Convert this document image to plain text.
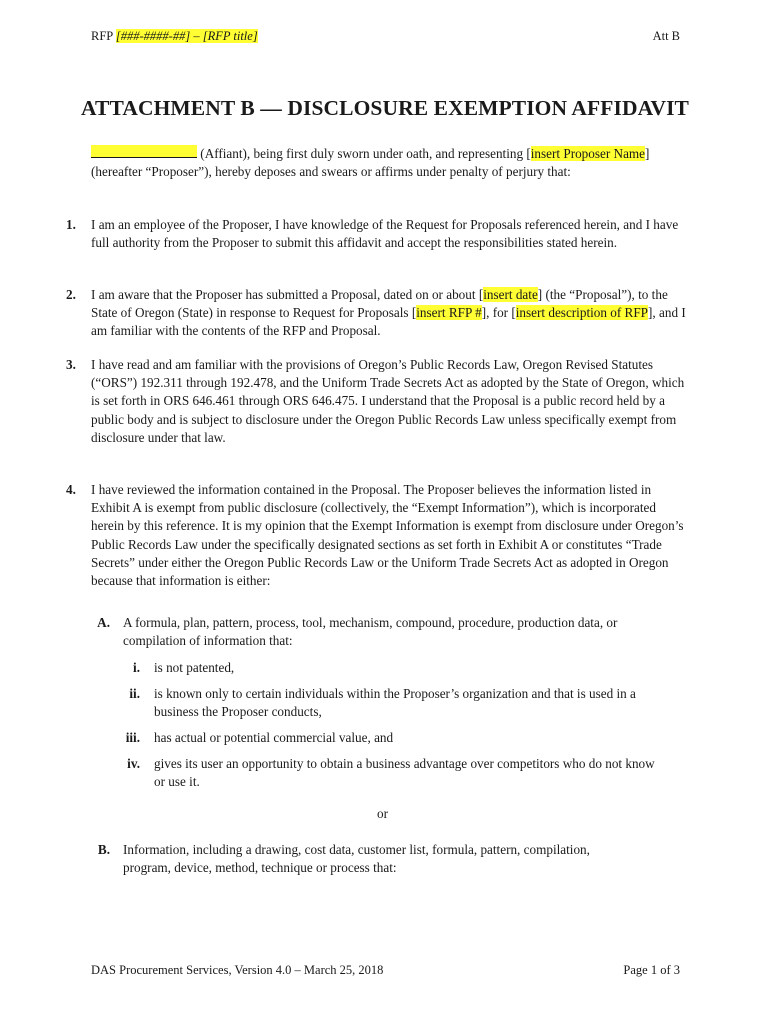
RFP [###-####-##] – [RFP title]	Att B
ATTACHMENT B — DISCLOSURE EXEMPTION AFFIDAVIT
(Affiant), being first duly sworn under oath, and representing [insert Proposer Name] (hereafter “Proposer”), hereby deposes and swears or affirms under penalty of perjury that:
1. I am an employee of the Proposer, I have knowledge of the Request for Proposals referenced herein, and I have full authority from the Proposer to submit this affidavit and accept the responsibilities stated herein.
2. I am aware that the Proposer has submitted a Proposal, dated on or about [insert date] (the “Proposal”), to the State of Oregon (State) in response to Request for Proposals [insert RFP #], for [insert description of RFP], and I am familiar with the contents of the RFP and Proposal.
3. I have read and am familiar with the provisions of Oregon’s Public Records Law, Oregon Revised Statutes (“ORS”) 192.311 through 192.478, and the Uniform Trade Secrets Act as adopted by the State of Oregon, which is set forth in ORS 646.461 through ORS 646.475. I understand that the Proposal is a public record held by a public body and is subject to disclosure under the Oregon Public Records Law unless specifically exempt from disclosure under that law.
4. I have reviewed the information contained in the Proposal. The Proposer believes the information listed in Exhibit A is exempt from public disclosure (collectively, the “Exempt Information”), which is incorporated herein by this reference. It is my opinion that the Exempt Information is exempt from disclosure under Oregon’s Public Records Law under the specifically designated sections as set forth in Exhibit A or constitutes “Trade Secrets” under either the Oregon Public Records Law or the Uniform Trade Secrets Act as adopted in Oregon because that information is either:
A. A formula, plan, pattern, process, tool, mechanism, compound, procedure, production data, or compilation of information that:
i. is not patented,
ii. is known only to certain individuals within the Proposer’s organization and that is used in a business the Proposer conducts,
iii. has actual or potential commercial value, and
iv. gives its user an opportunity to obtain a business advantage over competitors who do not know or use it.
or
B. Information, including a drawing, cost data, customer list, formula, pattern, compilation, program, device, method, technique or process that:
DAS Procurement Services, Version 4.0 – March 25, 2018	Page 1 of 3
